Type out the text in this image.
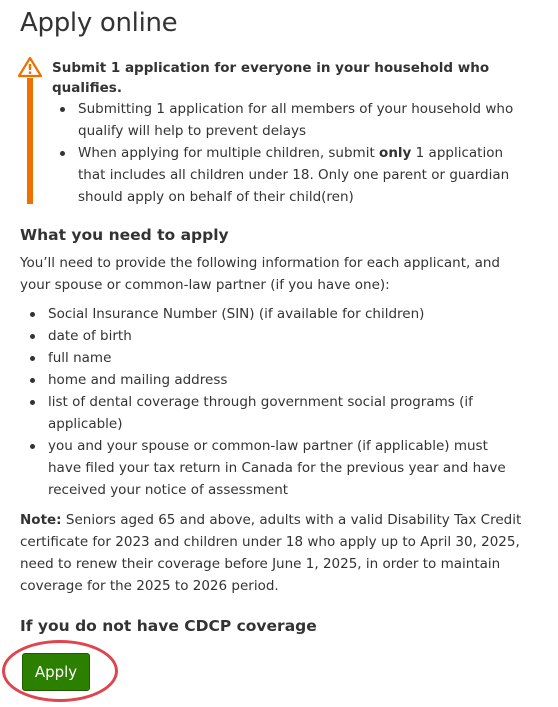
Apply online
Submit 1 application for everyone in your household who qualifies.
Submitting 1 application for all members of your household who qualify will help to prevent delays
When applying for multiple children, submit only 1 application that includes all children under 18. Only one parent or guardian should apply on behalf of their child(ren)
What you need to apply

You’ll need to provide the following information for each applicant, and your spouse or common-law partner (if you have one):

Social Insurance Number (SIN) (if available for children)
date of birth
full name
home and mailing address
list of dental coverage through government social programs (if applicable)
you and your spouse or common-law partner (if applicable) must have filed your tax return in Canada for the previous year and have received your notice of assessment

Note: Seniors aged 65 and above, adults with a valid Disability Tax Credit certificate for 2023 and children under 18 who apply up to April 30, 2025, need to renew their coverage before June 1, 2025, in order to maintain coverage for the 2025 to 2026 period.

If you do not have CDCP coverage
Apply
